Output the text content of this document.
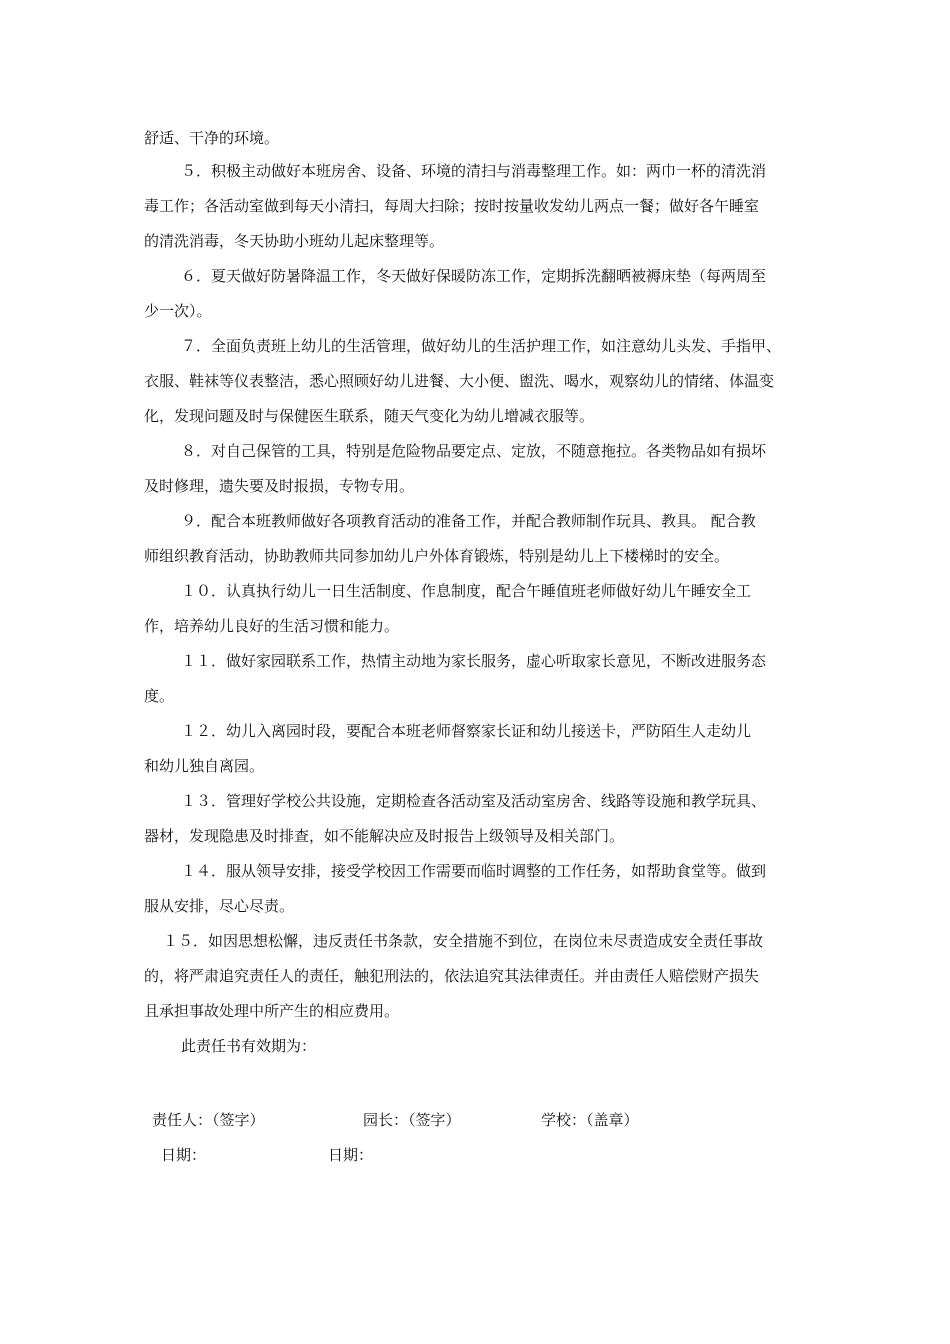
舒适、干净的环境。
５．积极主动做好本班房舍、设备、环境的清扫与消毒整理工作。如：两巾一杯的清洗消
毒工作；各活动室做到每天小清扫，每周大扫除；按时按量收发幼儿两点一餐；做好各午睡室
的清洗消毒，冬天协助小班幼儿起床整理等。
６．夏天做好防暑降温工作，冬天做好保暖防冻工作，定期拆洗翻晒被褥床垫（每两周至
少一次）。
７．全面负责班上幼儿的生活管理，做好幼儿的生活护理工作，如注意幼儿头发、手指甲、
衣服、鞋袜等仪表整洁，悉心照顾好幼儿进餐、大小便、盥洗、喝水，观察幼儿的情绪、体温变
化，发现问题及时与保健医生联系，随天气变化为幼儿增减衣服等。
８．对自己保管的工具，特别是危险物品要定点、定放，不随意拖拉。各类物品如有损坏
及时修理，遗失要及时报损，专物专用。
９．配合本班教师做好各项教育活动的准备工作，并配合教师制作玩具、教具。 配合教
师组织教育活动，协助教师共同参加幼儿户外体育锻炼，特别是幼儿上下楼梯时的安全。
１０．认真执行幼儿一日生活制度、作息制度，配合午睡值班老师做好幼儿午睡安全工
作，培养幼儿良好的生活习惯和能力。
１１．做好家园联系工作，热情主动地为家长服务，虚心听取家长意见，不断改进服务态
度。
１２．幼儿入离园时段，要配合本班老师督察家长证和幼儿接送卡，严防陌生人走幼儿
和幼儿独自离园。
１３．管理好学校公共设施，定期检查各活动室及活动室房舍、线路等设施和教学玩具、
器材，发现隐患及时排查，如不能解决应及时报告上级领导及相关部门。
１４．服从领导安排，接受学校因工作需要而临时调整的工作任务，如帮助食堂等。做到
服从安排，尽心尽责。
１５．如因思想松懈，违反责任书条款，安全措施不到位，在岗位未尽责造成安全责任事故
的，将严肃追究责任人的责任，触犯刑法的，依法追究其法律责任。并由责任人赔偿财产损失
且承担事故处理中所产生的相应费用。
此责任书有效期为：
责任人：（签字）	园长：（签字）	学校：（盖章）
日期：	日期：
